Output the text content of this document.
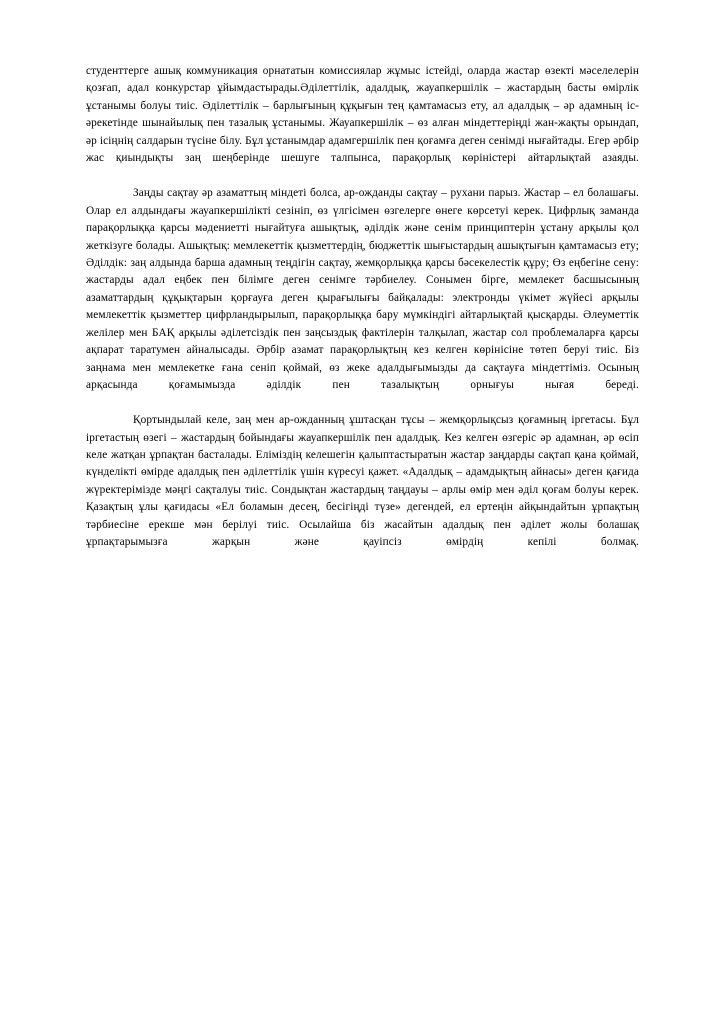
студенттерге ашық коммуникация орнататын комиссиялар жұмыс істейді, оларда жастар өзекті мәселелерін қозғап, адал конкурстар ұйымдастырады.Әділеттілік, адалдық, жауапкершілік – жастардың басты өмірлік ұстанымы болуы тиіс. Әділеттілік – барлығының құқығын тең қамтамасыз ету, ал адалдық – әр адамның іс-әрекетінде шынайылық пен тазалық ұстанымы. Жауапкершілік – өз алған міндеттеріңді жан-жақты орындап, әр ісіңнің салдарын түсіне білу. Бұл ұстанымдар адамгершілік пен қоғамға деген сенімді нығайтады. Егер әрбір жас қиындықты заң шеңберінде шешуге талпынса, парақорлық көріністері айтарлықтай азаяды.

Заңды сақтау әр азаматтың міндеті болса, ар-ожданды сақтау – рухани парыз. Жастар – ел болашағы. Олар ел алдындағы жауапкершілікті сезініп, өз үлгісімен өзгелерге өнеге көрсетуі керек. Цифрлық заманда парақорлыққа қарсы мәдениетті нығайтуға ашықтық, әділдік және сенім принциптерін ұстану арқылы қол жеткізуге болады. Ашықтық: мемлекеттік қызметтердің, бюджеттік шығыстардың ашықтығын қамтамасыз ету; Әділдік: заң алдында барша адамның теңдігін сақтау, жемқорлыққа қарсы бәсекелестік құру; Өз еңбегіне сену: жастарды адал еңбек пен білімге деген сенімге тәрбиелеу. Сонымен бірге, мемлекет басшысының азаматтардың құқықтарын қорғауға деген қырағылығы байқалады: электронды үкімет жүйесі арқылы мемлекеттік қызметтер цифрландырылып, парақорлыққа бару мүмкіндігі айтарлықтай қысқарды. Әлеуметтік желілер мен БАҚ арқылы әділетсіздік пен заңсыздық фактілерін талқылап, жастар сол проблемаларға қарсы ақпарат таратумен айналысады. Әрбір азамат парақорлықтың кез келген көрінісіне төтеп беруі тиіс. Біз заңнама мен мемлекетке ғана сеніп қоймай, өз жеке адалдығымызды да сақтауға міндеттіміз. Осының арқасында қоғамымызда әділдік пен тазалықтың орнығуы нығая береді.

Қортындылай келе, заң мен ар-ожданның ұштасқан тұсы – жемқорлықсыз қоғамның іргетасы. Бұл іргетастың өзегі – жастардың бойындағы жауапкершілік пен адалдық. Кез келген өзгеріс әр адамнан, әр өсіп келе жатқан ұрпақтан басталады. Еліміздің келешегін қалыптастыратын жастар заңдарды сақтап қана қоймай, күнделікті өмірде адалдық пен әділеттілік үшін күресуі қажет. «Адалдық – адамдықтың айнасы» деген қағида жүректерімізде мәңгі сақталуы тиіс. Сондықтан жастардың таңдауы – арлы өмір мен әділ қоғам болуы керек. Қазақтың ұлы қағидасы «Ел боламын десең, бесігіңді түзе» дегендей, ел ертеңін айқындайтын ұрпақтың тәрбиесіне ерекше мән берілуі тиіс. Осылайша біз жасайтын адалдық пен әділет жолы болашақ ұрпақтарымызға жарқын және қауіпсіз өмірдің кепілі болмақ.
